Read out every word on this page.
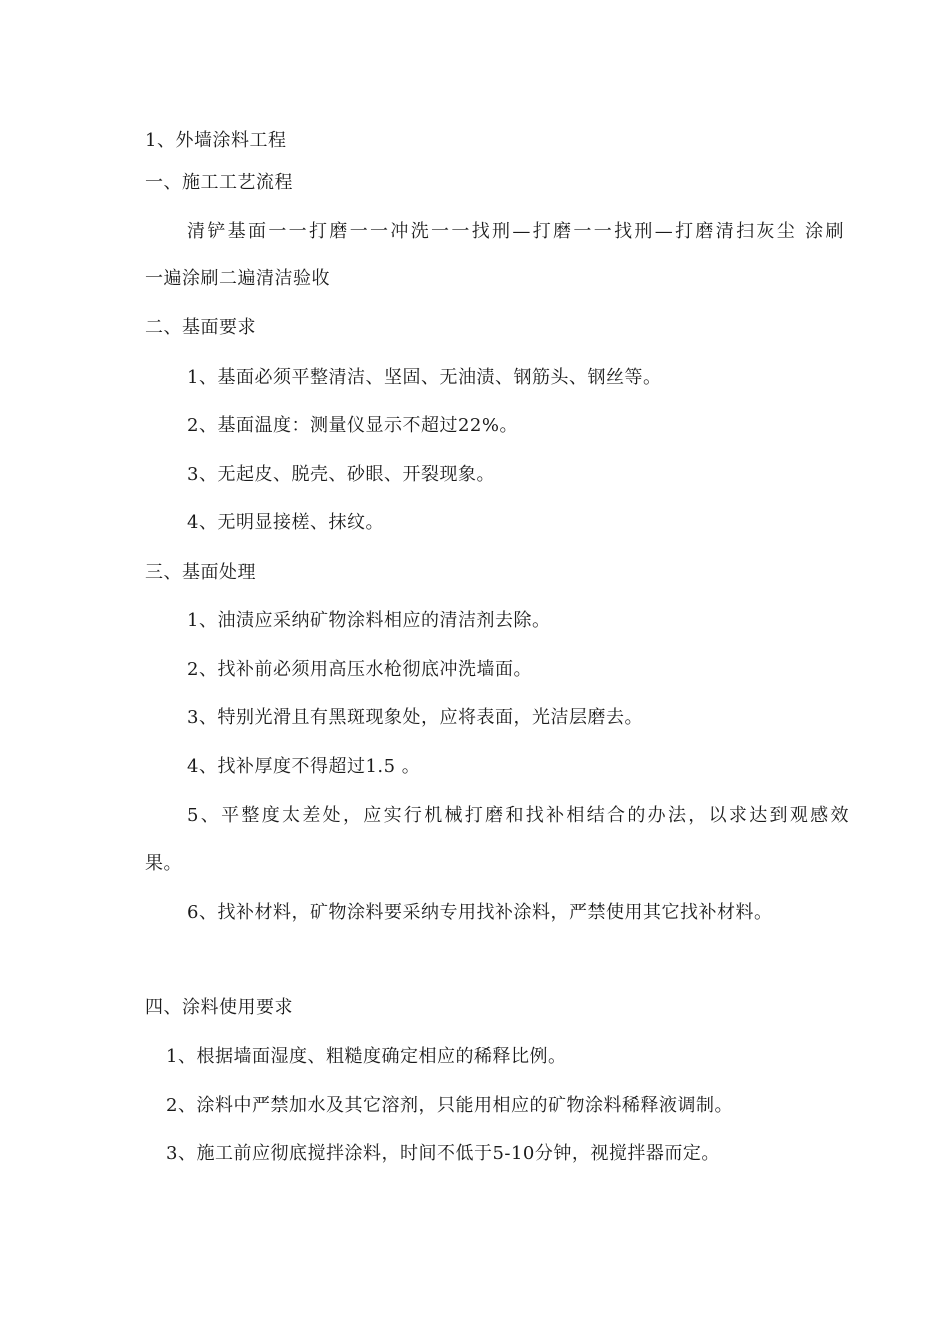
1、外墙涂料工程
一、施工工艺流程
清铲基面一一打磨一一冲洗一一找刑—打磨一一找刑—打磨清扫灰尘 涂刷
一遍涂刷二遍清洁验收
二、基面要求
1、基面必须平整清洁、坚固、无油渍、钢筋头、钢丝等。
2、基面温度：测量仪显示不超过22%。
3、无起皮、脱壳、砂眼、开裂现象。
4、无明显接槎、抹纹。
三、基面处理
1、油渍应采纳矿物涂料相应的清洁剂去除。
2、找补前必须用高压水枪彻底冲洗墙面。
3、特别光滑且有黑斑现象处，应将表面，光洁层磨去。
4、找补厚度不得超过1.5 。
5、平整度太差处，应实行机械打磨和找补相结合的办法，以求达到观感效
果。
6、找补材料，矿物涂料要采纳专用找补涂料，严禁使用其它找补材料。
四、涂料使用要求
1、根据墙面湿度、粗糙度确定相应的稀释比例。
2、涂料中严禁加水及其它溶剂，只能用相应的矿物涂料稀释液调制。
3、施工前应彻底搅拌涂料，时间不低于5-10分钟，视搅拌器而定。
